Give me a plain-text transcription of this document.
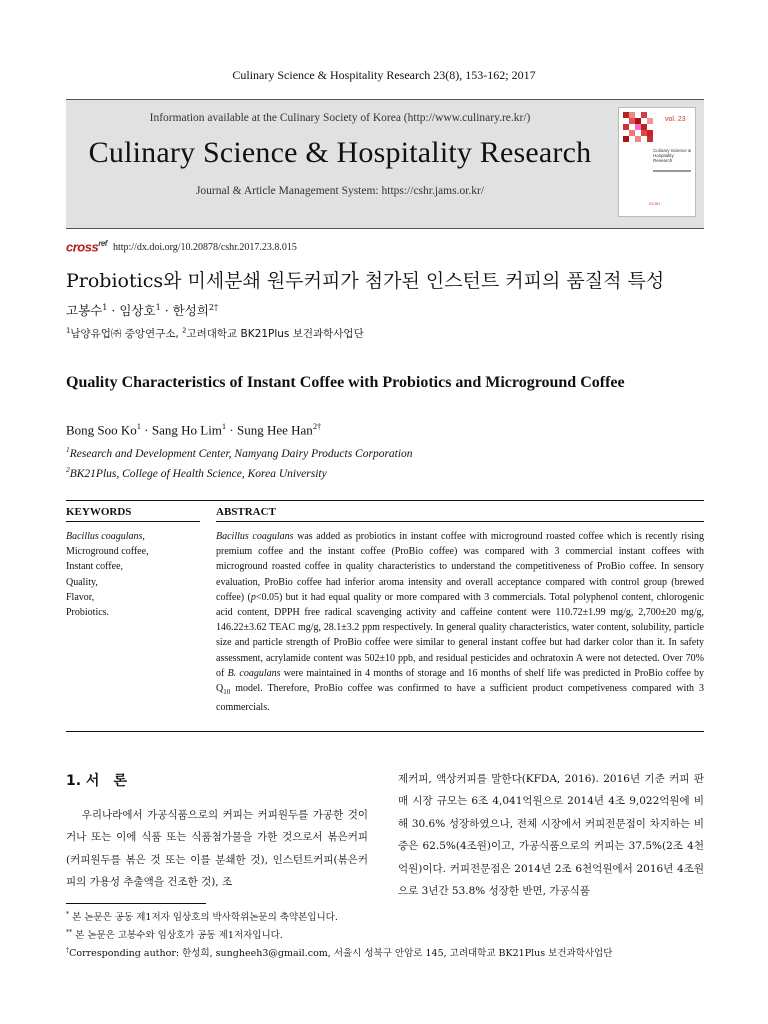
Culinary Science & Hospitality Research 23(8), 153-162; 2017
Information available at the Culinary Society of Korea (http://www.culinary.re.kr/)
Culinary Science & Hospitality Research
Journal & Article Management System: https://cshr.jams.or.kr/
vol. 23
Culinary Science & Hospitality Research
KCSH
cross$^{ref}$ http://dx.doi.org/10.20878/cshr.2017.23.8.015
Probiotics와 미세분쇄 원두커피가 첨가된 인스턴트 커피의 품질적 특성
고봉수$^1$ · 임상호$^1$ · 한성희$^{2\dagger}$
$^1$남양유업㈜ 중앙연구소, $^2$고려대학교 BK21Plus 보건과학사업단
Quality Characteristics of Instant Coffee with Probiotics and Microground Coffee
Bong Soo $Ko^1$ · Sang Ho Lim$^1$ · Sung Hee Han$^{2\dagger}$
$^1$Research and Development Center, Namyang Dairy Products Corporation
$^2$BK21Plus, College of Health Science, Korea University
KEYWORDS	ABSTRACT
Bacillus coagulans,
Microground coffee,
Instant coffee,
Quality,
Flavor,
Probiotics.
Bacillus coagulans was added as probiotics in instant coffee with microground roasted coffee which is recently rising premium coffee and the instant coffee (ProBio coffee) was compared with 3 commercial instant coffees with microground roasted coffee in quality characteristics to understand the competitiveness of ProBio coffee. In sensory evaluation, ProBio coffee had inferior aroma intensity and overall acceptance compared with control group (brewed coffee) (p<0.05) but it had equal quality or more compared with 3 commercials. Total polyphenol content, chlorogenic acid content, DPPH free radical scavenging activity and caffeine content were 110.72±1.99 mg/g, 2,700±20 mg/g, 146.22±3.62 TEAC mg/g, 28.1±3.2 ppm respectively. In general quality characteristics, water content, solubility, particle size and particle strength of ProBio coffee were similar to general instant coffee but had darker color than it. In safety assessment, acrylamide content was 502±10 ppb, and residual pesticides and ochratoxin A were not detected. Over 70% of B. coagulans were maintained in 4 months of storage and 16 months of shelf life was predicted in ProBio coffee by $Q_{10}$ model. Therefore, ProBio coffee was confirmed to have a sufficient product competiveness compared with 3 commercials.
1. 서　론

우리나라에서 가공식품으로의 커피는 커피원두를 가공한 것이거나 또는 이에 식품 또는 식품첨가물을 가한 것으로서 볶은커피(커피원두를 볶은 것 또는 이를 분쇄한 것), 인스턴트커피(볶은커피의 가용성 추출액을 건조한 것), 조

제커피, 액상커피를 말한다(KFDA, 2016). 2016년 기준 커피 판매 시장 규모는 6조 4,041억원으로 2014년 4조 9,022억원에 비해 30.6% 성장하였으나, 전체 시장에서 커피전문점이 차지하는 비중은 62.5%(4조원)이고, 가공식품으로의 커피는 37.5%(2조 4천억원)이다. 커피전문점은 2014년 2조 6천억원에서 2016년 4조원으로 3년간 53.8% 성장한 반면, 가공식품

* 본 논문은 공동 제1저자 임상호의 박사학위논문의 축약본입니다.
** 본 논문은 고봉수와 임상호가 공동 제1저자입니다.
†Corresponding author: 한성희, sungheeh3@gmail.com, 서울시 성북구 안암로 145, 고려대학교 BK21Plus 보건과학사업단
